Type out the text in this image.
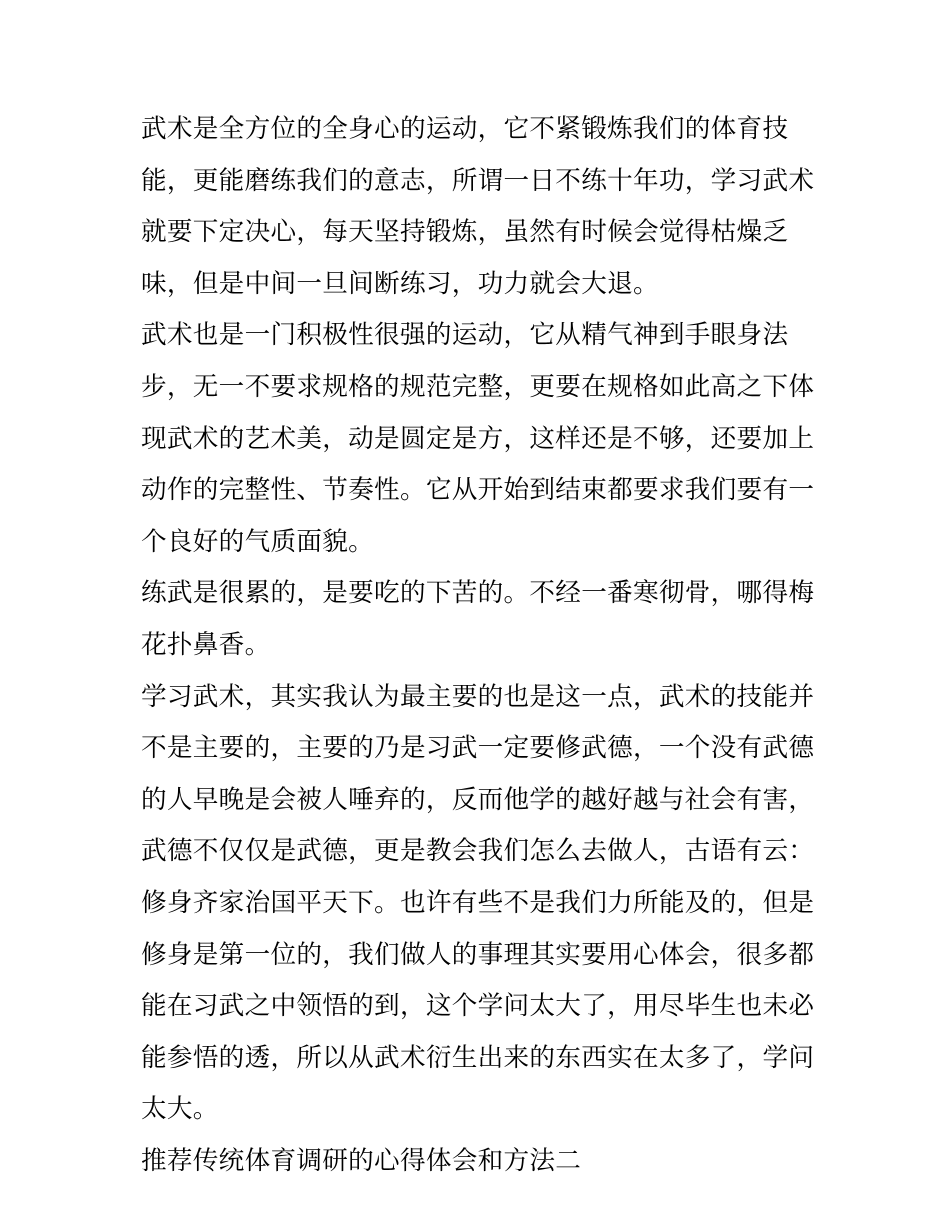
武术是全方位的全身心的运动，它不紧锻炼我们的体育技能，更能磨练我们的意志，所谓一日不练十年功，学习武术就要下定决心，每天坚持锻炼，虽然有时候会觉得枯燥乏味，但是中间一旦间断练习，功力就会大退。

武术也是一门积极性很强的运动，它从精气神到手眼身法步，无一不要求规格的规范完整，更要在规格如此高之下体现武术的艺术美，动是圆定是方，这样还是不够，还要加上动作的完整性、节奏性。它从开始到结束都要求我们要有一个良好的气质面貌。

练武是很累的，是要吃的下苦的。不经一番寒彻骨，哪得梅花扑鼻香。

学习武术，其实我认为最主要的也是这一点，武术的技能并不是主要的，主要的乃是习武一定要修武德，一个没有武德的人早晚是会被人唾弃的，反而他学的越好越与社会有害，武德不仅仅是武德，更是教会我们怎么去做人，古语有云：修身齐家治国平天下。也许有些不是我们力所能及的，但是修身是第一位的，我们做人的事理其实要用心体会，很多都能在习武之中领悟的到，这个学问太大了，用尽毕生也未必能参悟的透，所以从武术衍生出来的东西实在太多了，学问太大。

推荐传统体育调研的心得体会和方法二
